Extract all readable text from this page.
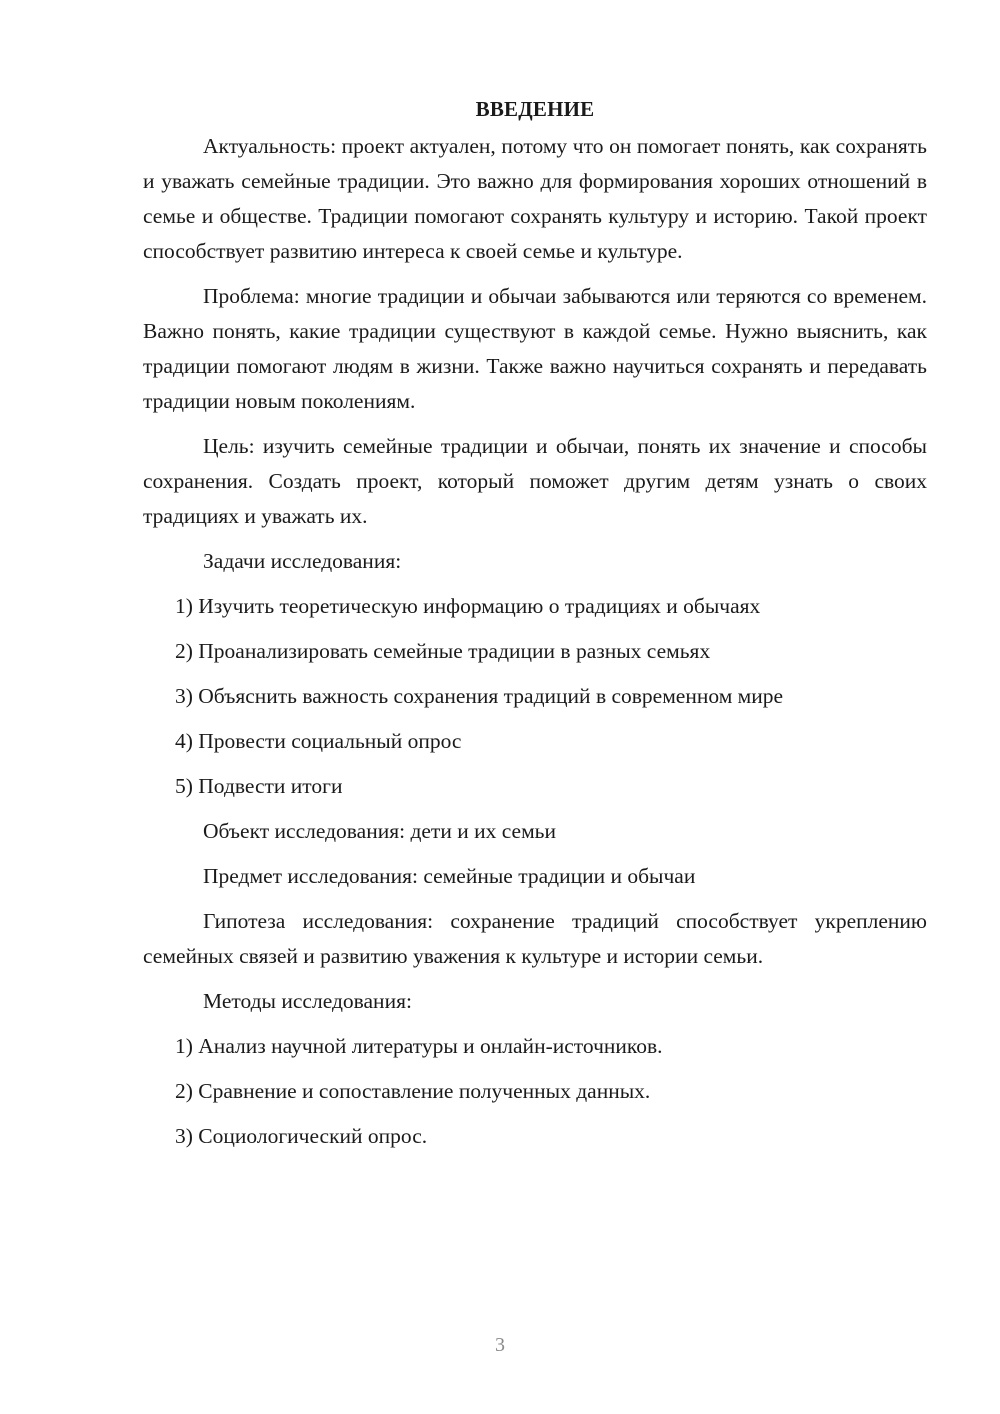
ВВЕДЕНИЕ

Актуальность: проект актуален, потому что он помогает понять, как сохранять и уважать семейные традиции. Это важно для формирования хороших отношений в семье и обществе. Традиции помогают сохранять культуру и историю. Такой проект способствует развитию интереса к своей семье и культуре.

Проблема: многие традиции и обычаи забываются или теряются со временем. Важно понять, какие традиции существуют в каждой семье. Нужно выяснить, как традиции помогают людям в жизни. Также важно научиться сохранять и передавать традиции новым поколениям.

Цель: изучить семейные традиции и обычаи, понять их значение и способы сохранения. Создать проект, который поможет другим детям узнать о своих традициях и уважать их.

Задачи исследования:

1) Изучить теоретическую информацию о традициях и обычаях

2) Проанализировать семейные традиции в разных семьях

3) Объяснить важность сохранения традиций в современном мире

4) Провести социальный опрос

5) Подвести итоги

Объект исследования: дети и их семьи

Предмет исследования: семейные традиции и обычаи

Гипотеза исследования: сохранение традиций способствует укреплению семейных связей и развитию уважения к культуре и истории семьи.

Методы исследования:

1) Анализ научной литературы и онлайн-источников.

2) Сравнение и сопоставление полученных данных.

3) Социологический опрос.

3
